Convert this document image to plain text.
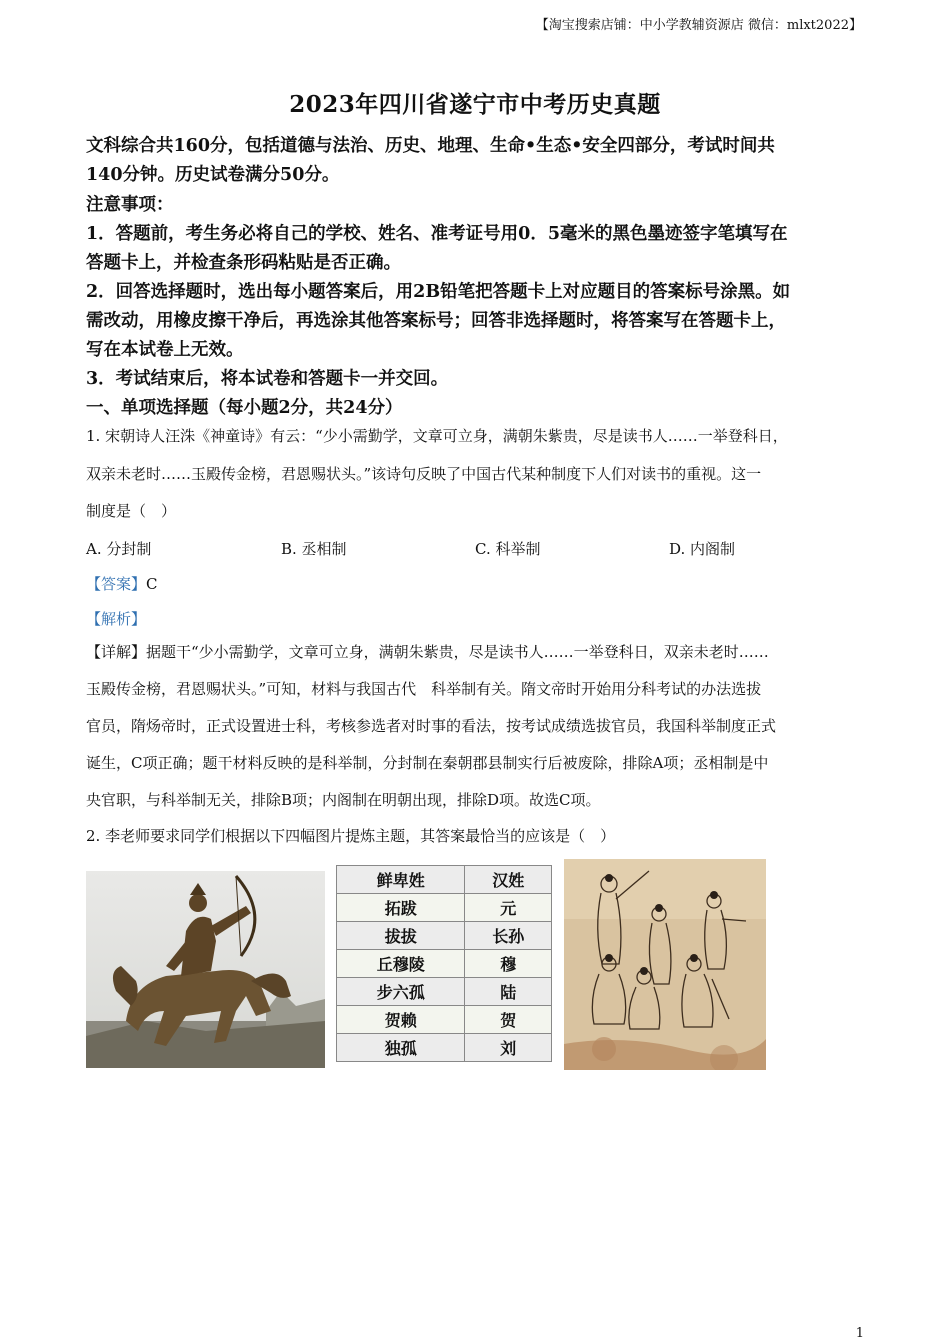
【淘宝搜索店铺：中小学教辅资源店 微信：mlxt2022】
2023年四川省遂宁市中考历史真题
文科综合共160分，包括道德与法治、历史、地理、生命•生态•安全四部分，考试时间共
140分钟。历史试卷满分50分。
注意事项：
1．答题前，考生务必将自己的学校、姓名、准考证号用0．5毫米的黑色墨迹签字笔填写在
答题卡上，并检查条形码粘贴是否正确。
2．回答选择题时，选出每小题答案后，用2B铅笔把答题卡上对应题目的答案标号涂黑。如
需改动，用橡皮擦干净后，再选涂其他答案标号；回答非选择题时，将答案写在答题卡上，
写在本试卷上无效。
3．考试结束后，将本试卷和答题卡一并交回。
一、单项选择题（每小题2分，共24分）
1. 宋朝诗人汪洙《神童诗》有云：“少小需勤学，文章可立身，满朝朱紫贵，尽是读书人……一举登科日，
双亲未老时……玉殿传金榜，君恩赐状头。”该诗句反映了中国古代某种制度下人们对读书的重视。这一
制度是（　）
A. 分封制	B. 丞相制	C. 科举制	D. 内阁制
【答案】C
【解析】
【详解】据题干“少小需勤学，文章可立身，满朝朱紫贵，尽是读书人……一举登科日，双亲未老时……
玉殿传金榜，君恩赐状头。”可知，材料与我国古代　科举制有关。隋文帝时开始用分科考试的办法选拔
官员，隋炀帝时，正式设置进士科，考核参选者对时事的看法，按考试成绩选拔官员，我国科举制度正式
诞生，C项正确；题干材料反映的是科举制，分封制在秦朝郡县制实行后被废除，排除A项；丞相制是中
央官职，与科举制无关，排除B项；内阁制在明朝出现，排除D项。故选C项。
2. 李老师要求同学们根据以下四幅图片提炼主题，其答案最恰当的应该是（　）
鲜卑姓	汉姓
拓跋	元
拔拔	长孙
丘穆陵	穆
步六孤	陆
贺赖	贺
独孤	刘
1
